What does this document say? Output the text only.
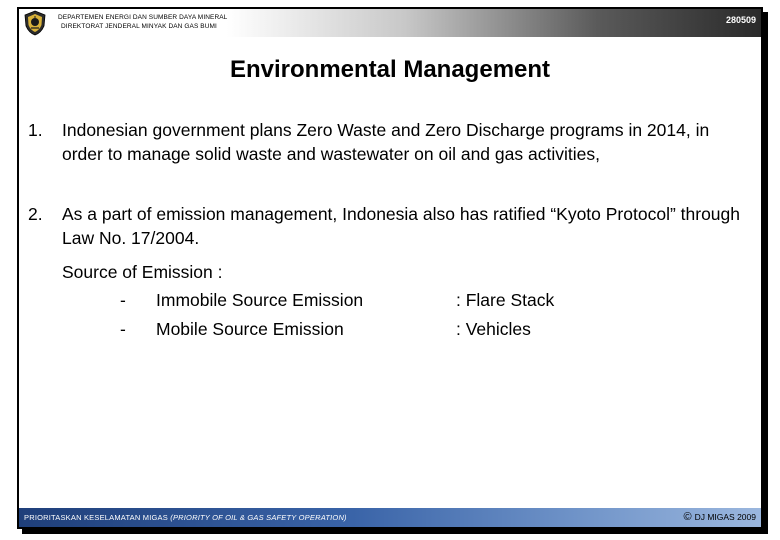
DEPARTEMEN ENERGI DAN SUMBER DAYA MINERAL
DIREKTORAT JENDERAL MINYAK DAN GAS BUMI
280509
Environmental Management
1. Indonesian government plans Zero Waste and Zero Discharge programs in 2014, in order to manage solid waste and wastewater on oil and gas activities,
2. As a part of emission management, Indonesia also has ratified “Kyoto Protocol” through Law No. 17/2004.
Source of Emission :
- Immobile Source Emission	: Flare Stack
- Mobile Source Emission	: Vehicles
PRIORITASKAN KESELAMATAN MIGAS (PRIORITY OF OIL & GAS SAFETY OPERATION)	© DJ MIGAS 2009
